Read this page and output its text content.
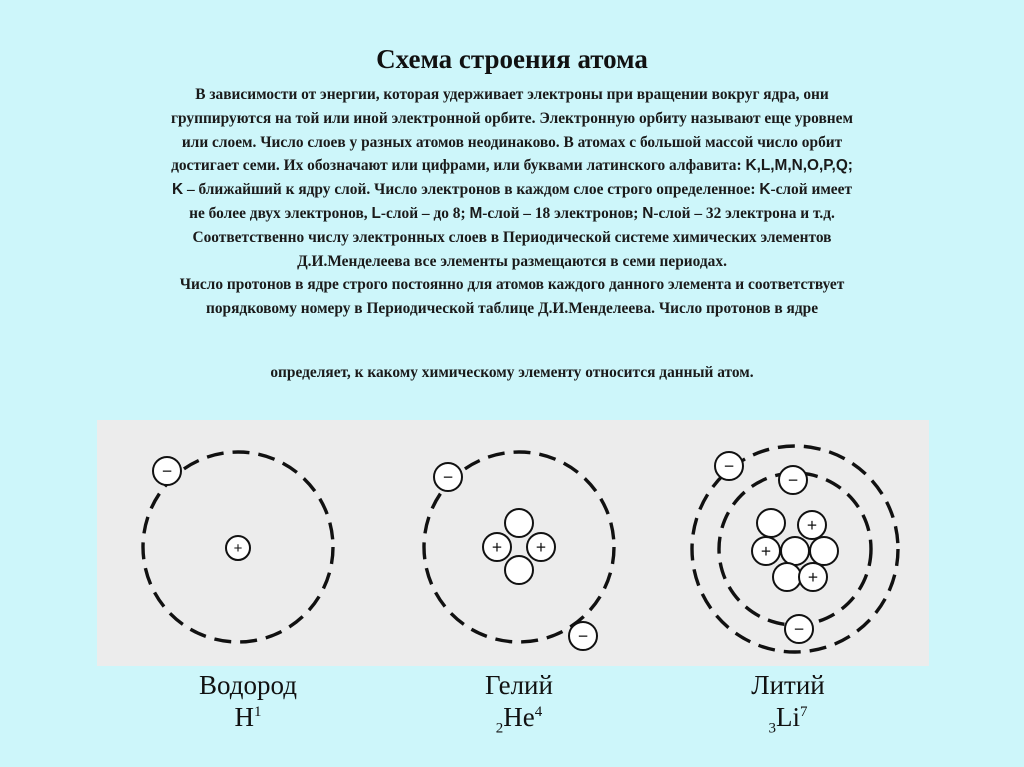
Схема строения атома
В зависимости от энергии, которая удерживает электроны при вращении вокруг ядра, они
группируются на той или иной электронной орбите. Электронную орбиту называют еще уровнем
или слоем. Число слоев у разных атомов неодинаково. В атомах с большой массой число орбит
достигает семи. Их обозначают или цифрами, или буквами латинского алфавита: K,L,M,N,O,P,Q;
K – ближайший к ядру слой. Число электронов в каждом слое строго определенное: K-слой имеет
не более двух электронов, L-слой – до 8; M-слой – 18 электронов; N-слой – 32 электрона и т.д.
Соответственно числу электронных слоев в Периодической системе химических элементов
Д.И.Менделеева все элементы размещаются в семи периодах.
Число протонов в ядре строго постоянно для атомов каждого данного элемента и соответствует
порядковому номеру в Периодической таблице Д.И.Менделеева. Число протонов в ядре
определяет, к какому химическому элементу относится данный атом.
+
−
+ +
−
−
+
+
+
−
−
−
Водород
$H^1$
Гелий
$_2He^4$
Литий
$_3Li^7$
